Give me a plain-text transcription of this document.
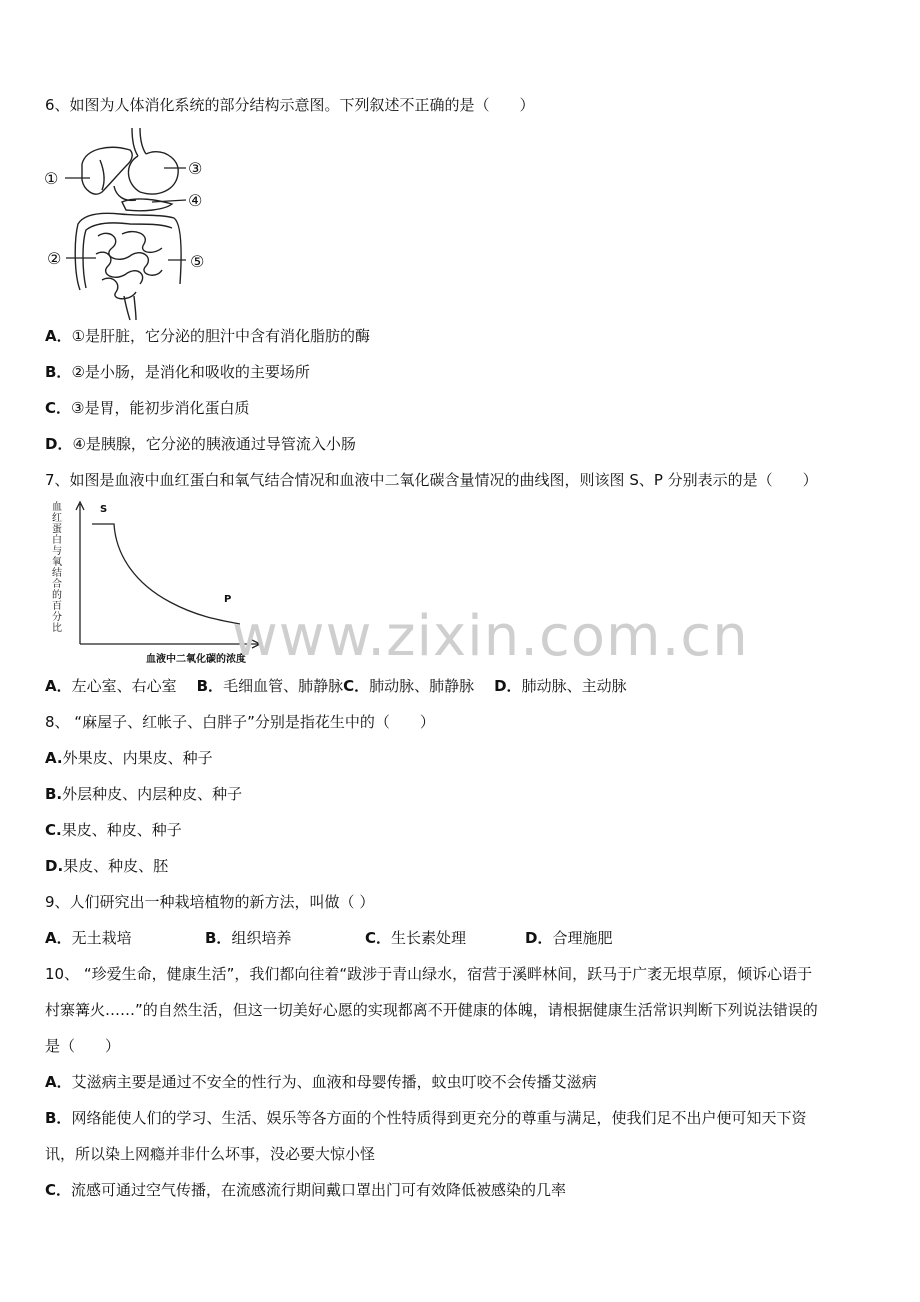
6、如图为人体消化系统的部分结构示意图。下列叙述不正确的是（　　）
①
②
③
④
⑤
A．①是肝脏，它分泌的胆汁中含有消化脂肪的酶
B．②是小肠，是消化和吸收的主要场所
C．③是胃，能初步消化蛋白质
D．④是胰腺，它分泌的胰液通过导管流入小肠
7、如图是血液中血红蛋白和氧气结合情况和血液中二氧化碳含量情况的曲线图，则该图 S、P 分别表示的是（　　）
血
红
蛋
白
与
氧
结
合
的
百
分
比
S
P
血液中二氧化碳的浓度
www.zixin.com.cn
A．左心室、右心室 B．毛细血管、肺静脉C．肺动脉、肺静脉 D．肺动脉、主动脉
8、 “麻屋子、红帐子、白胖子”分别是指花生中的（　　）
A.外果皮、内果皮、种子
B.外层种皮、内层种皮、种子
C.果皮、种皮、种子
D.果皮、种皮、胚
9、人们研究出一种栽培植物的新方法，叫做（ ）
A．无土栽培	B．组织培养	C．生长素处理	D．合理施肥
10、 “珍爱生命，健康生活”，我们都向往着“跋涉于青山绿水，宿营于溪畔林间，跃马于广袤无垠草原，倾诉心语于
村寨篝火……”的自然生活，但这一切美好心愿的实现都离不开健康的体魄，请根据健康生活常识判断下列说法错误的
是（　　）
A．艾滋病主要是通过不安全的性行为、血液和母婴传播，蚊虫叮咬不会传播艾滋病
B．网络能使人们的学习、生活、娱乐等各方面的个性特质得到更充分的尊重与满足，使我们足不出户便可知天下资
讯，所以染上网瘾并非什么坏事，没必要大惊小怪
C．流感可通过空气传播，在流感流行期间戴口罩出门可有效降低被感染的几率
